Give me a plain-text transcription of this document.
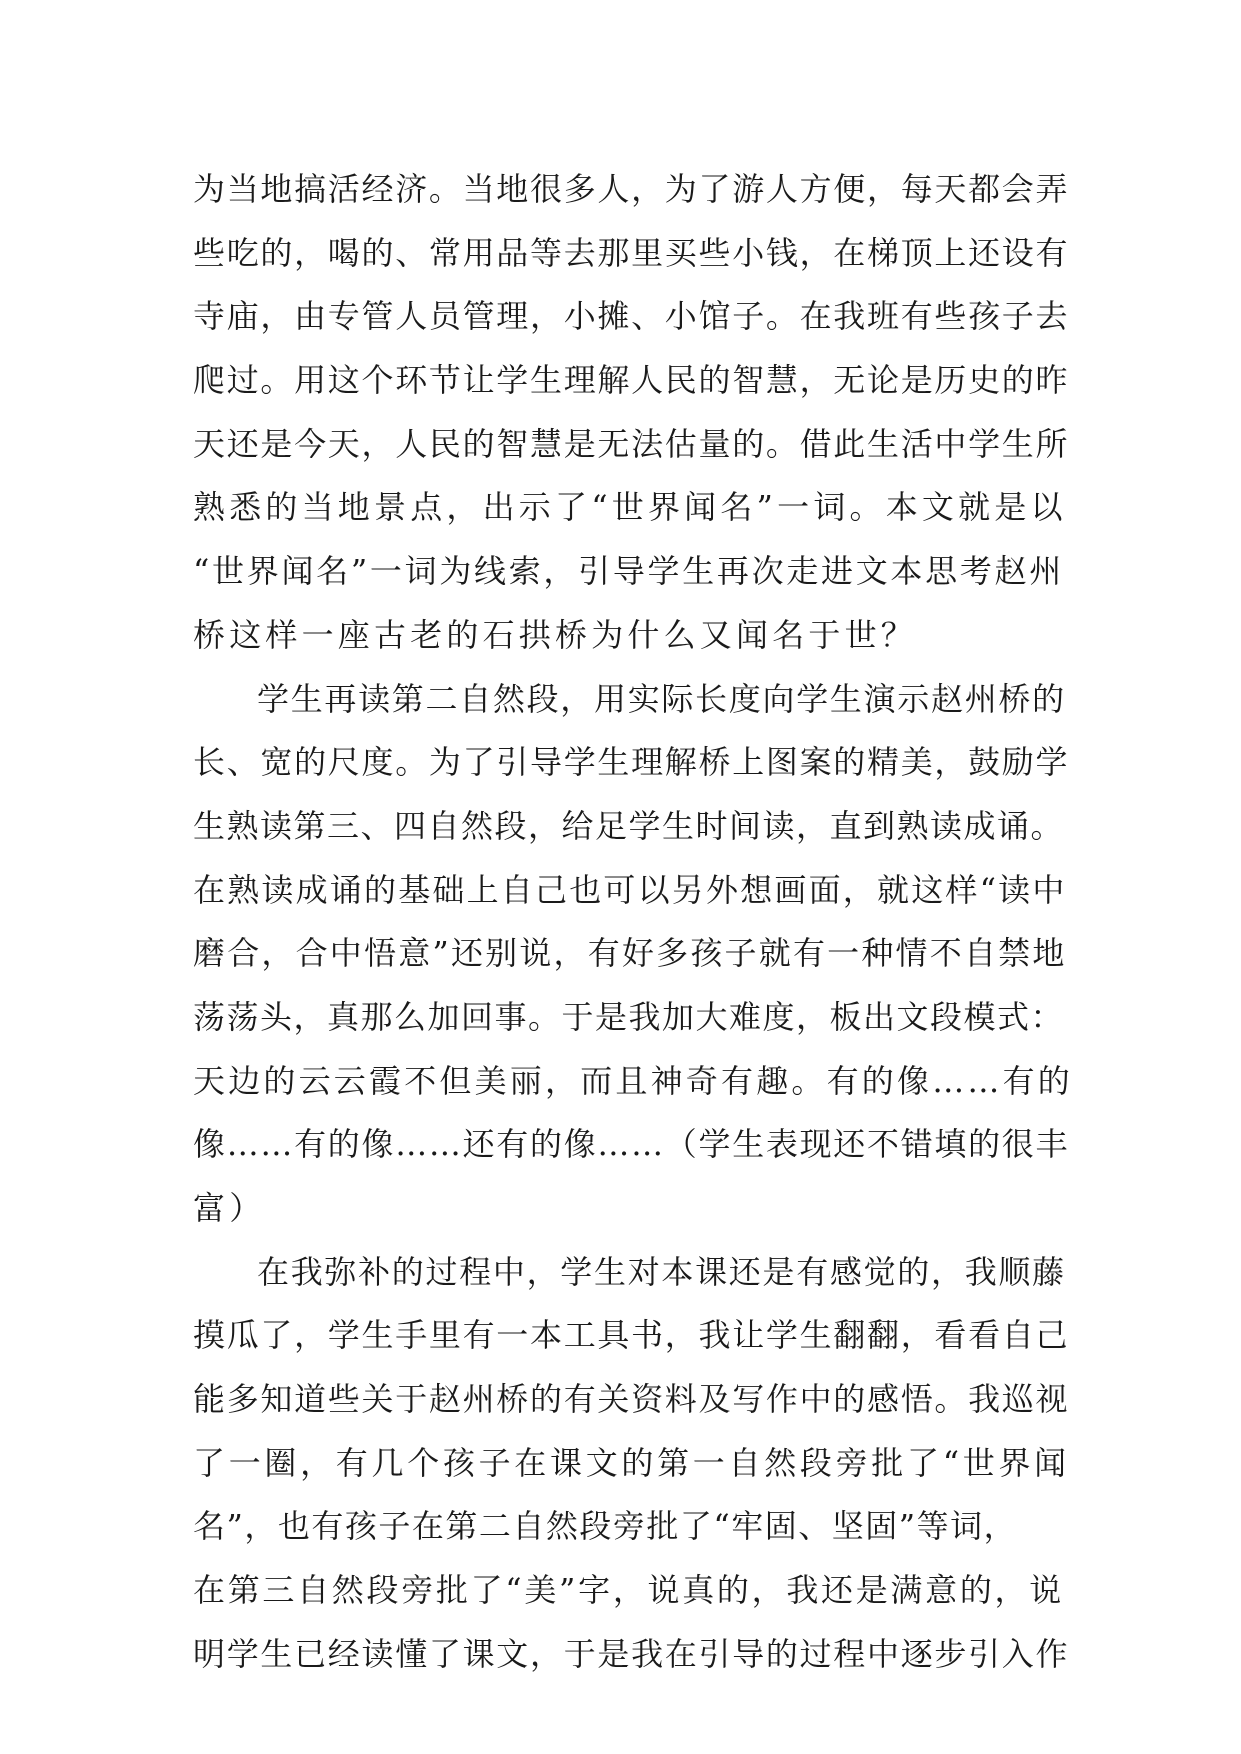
为当地搞活经济。当地很多人，为了游人方便，每天都会弄
些吃的，喝的、常用品等去那里买些小钱，在梯顶上还设有
寺庙，由专管人员管理，小摊、小馆子。在我班有些孩子去
爬过。用这个环节让学生理解人民的智慧，无论是历史的昨
天还是今天，人民的智慧是无法估量的。借此生活中学生所
熟悉的当地景点，出示了“世界闻名”一词。本文就是以
“世界闻名”一词为线索，引导学生再次走进文本思考赵州
桥这样一座古老的石拱桥为什么又闻名于世？
学生再读第二自然段，用实际长度向学生演示赵州桥的
长、宽的尺度。为了引导学生理解桥上图案的精美，鼓励学
生熟读第三、四自然段，给足学生时间读，直到熟读成诵。
在熟读成诵的基础上自己也可以另外想画面，就这样“读中
磨合，合中悟意”还别说，有好多孩子就有一种情不自禁地
荡荡头，真那么加回事。于是我加大难度，板出文段模式：
天边的云云霞不但美丽，而且神奇有趣。有的像……有的
像……有的像……还有的像……（学生表现还不错填的很丰
富）
在我弥补的过程中，学生对本课还是有感觉的，我顺藤
摸瓜了，学生手里有一本工具书，我让学生翻翻，看看自己
能多知道些关于赵州桥的有关资料及写作中的感悟。我巡视
了一圈，有几个孩子在课文的第一自然段旁批了“世界闻
名”，也有孩子在第二自然段旁批了“牢固、坚固”等词，
在第三自然段旁批了“美”字，说真的，我还是满意的，说
明学生已经读懂了课文，于是我在引导的过程中逐步引入作
